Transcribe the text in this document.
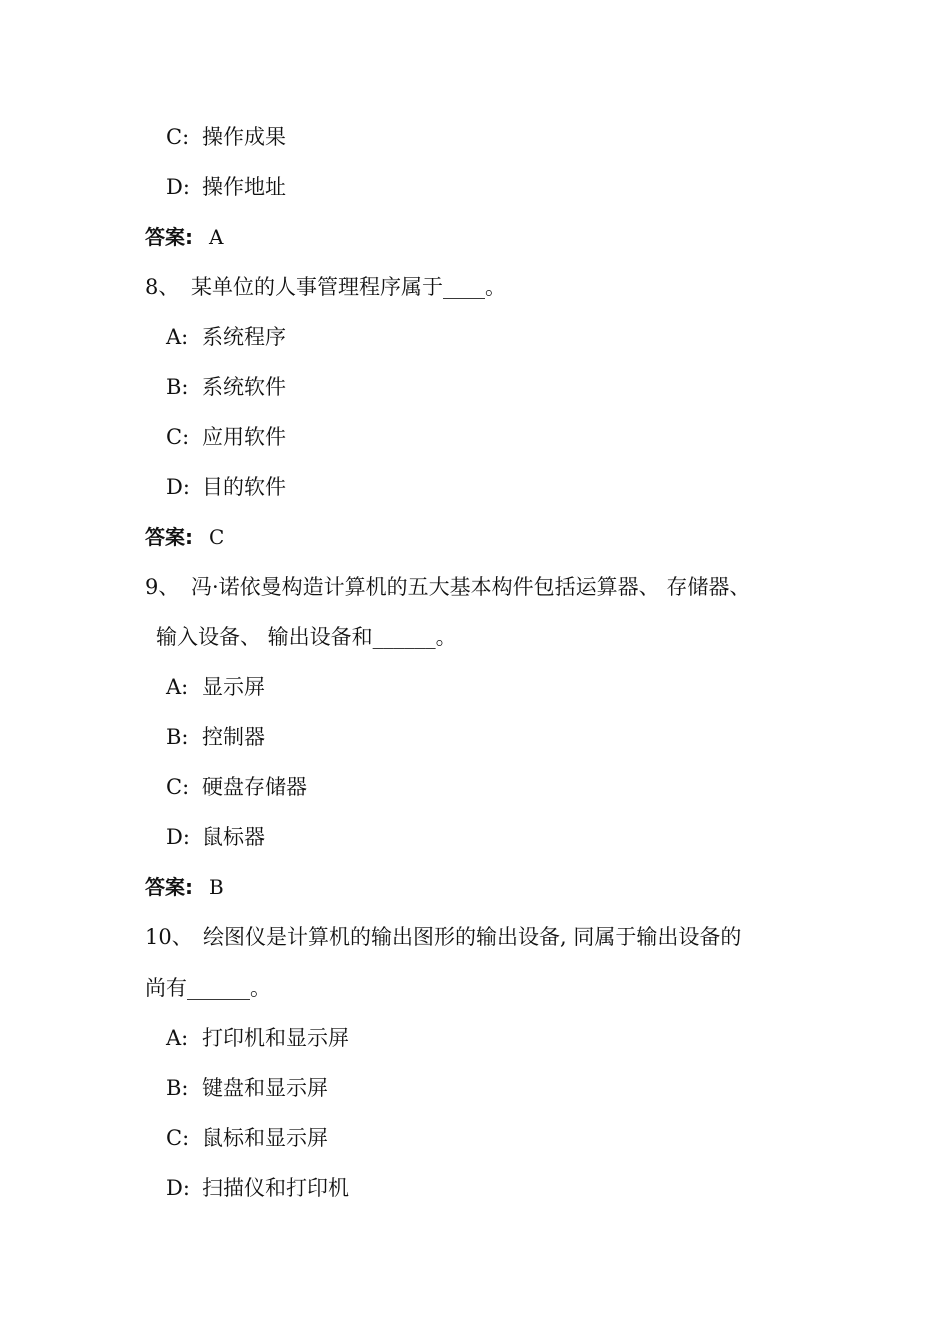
C: 操作成果
D: 操作地址
答案: A
8、 某单位的人事管理程序属于____。
A: 系统程序
B: 系统软件
C: 应用软件
D: 目的软件
答案: C
9、 冯·诺依曼构造计算机的五大基本构件包括运算器、 存储器、
输入设备、 输出设备和______。
A: 显示屏
B: 控制器
C: 硬盘存储器
D: 鼠标器
答案: B
10、 绘图仪是计算机的输出图形的输出设备, 同属于输出设备的
尚有______。
A: 打印机和显示屏
B: 键盘和显示屏
C: 鼠标和显示屏
D: 扫描仪和打印机
